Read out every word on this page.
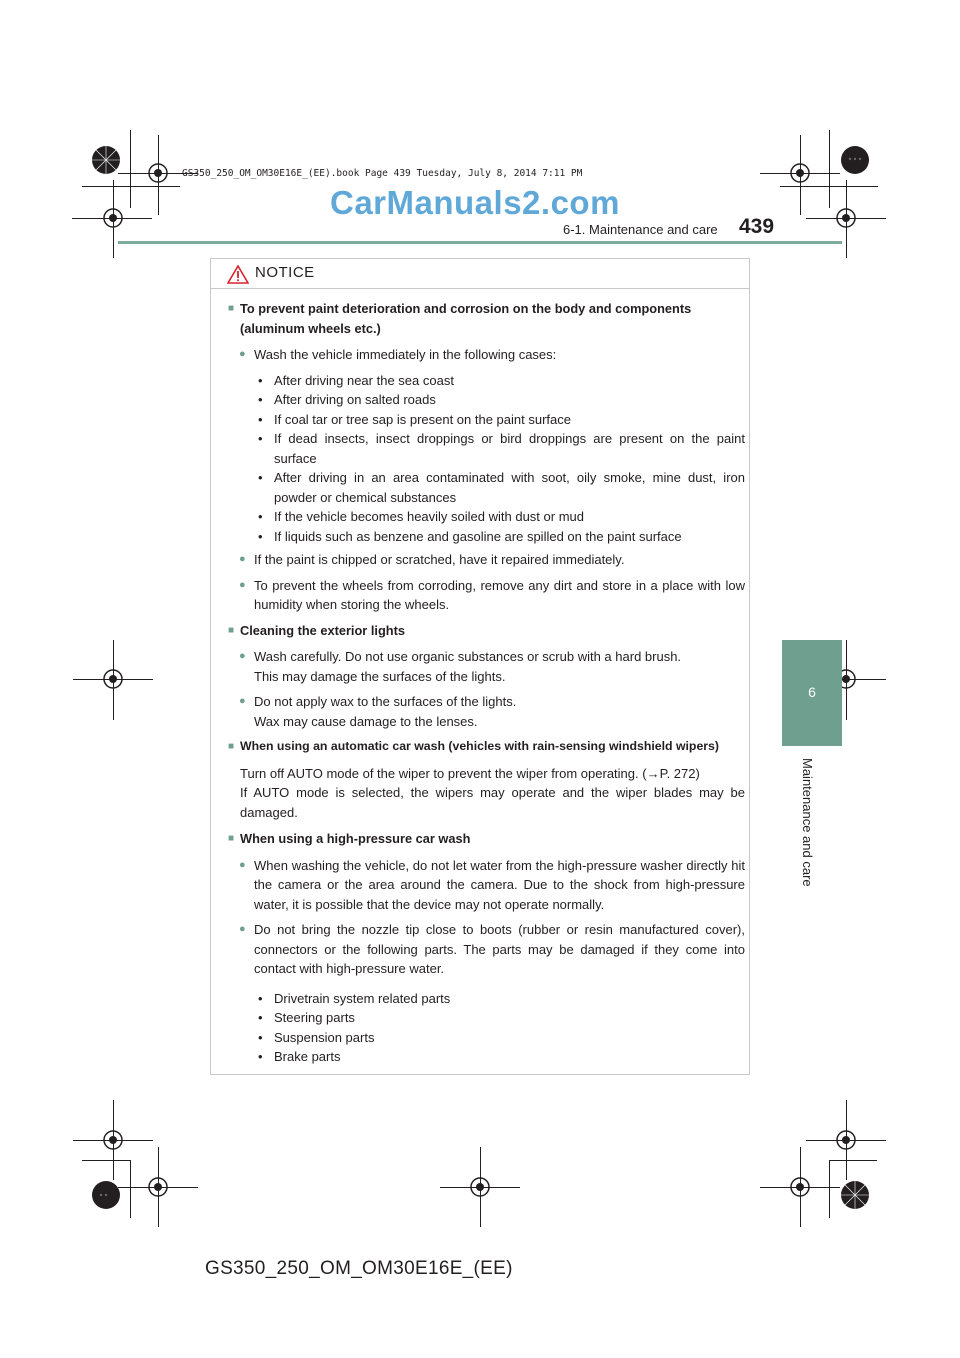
GS350_250_OM_OM30E16E_(EE).book Page 439 Tuesday, July 8, 2014 7:11 PM
CarManuals2.com
6-1. Maintenance and care 439
6
Maintenance and care
NOTICE
■ To prevent paint deterioration and corrosion on the body and components (aluminum wheels etc.)
● Wash the vehicle immediately in the following cases:
• After driving near the sea coast
• After driving on salted roads
• If coal tar or tree sap is present on the paint surface
• If dead insects, insect droppings or bird droppings are present on the paint surface
• After driving in an area contaminated with soot, oily smoke, mine dust, iron powder or chemical substances
• If the vehicle becomes heavily soiled with dust or mud
• If liquids such as benzene and gasoline are spilled on the paint surface
● If the paint is chipped or scratched, have it repaired immediately.
● To prevent the wheels from corroding, remove any dirt and store in a place with low humidity when storing the wheels.
■ Cleaning the exterior lights
● Wash carefully. Do not use organic substances or scrub with a hard brush.
This may damage the surfaces of the lights.
● Do not apply wax to the surfaces of the lights.
Wax may cause damage to the lenses.
■ When using an automatic car wash (vehicles with rain-sensing windshield wipers)
Turn off AUTO mode of the wiper to prevent the wiper from operating. (→P. 272)
If AUTO mode is selected, the wipers may operate and the wiper blades may be damaged.
■ When using a high-pressure car wash
● When washing the vehicle, do not let water from the high-pressure washer directly hit the camera or the area around the camera. Due to the shock from high-pressure water, it is possible that the device may not operate normally.
● Do not bring the nozzle tip close to boots (rubber or resin manufactured cover), connectors or the following parts. The parts may be damaged if they come into contact with high-pressure water.
• Drivetrain system related parts
• Steering parts
• Suspension parts
• Brake parts
GS350_250_OM_OM30E16E_(EE)
